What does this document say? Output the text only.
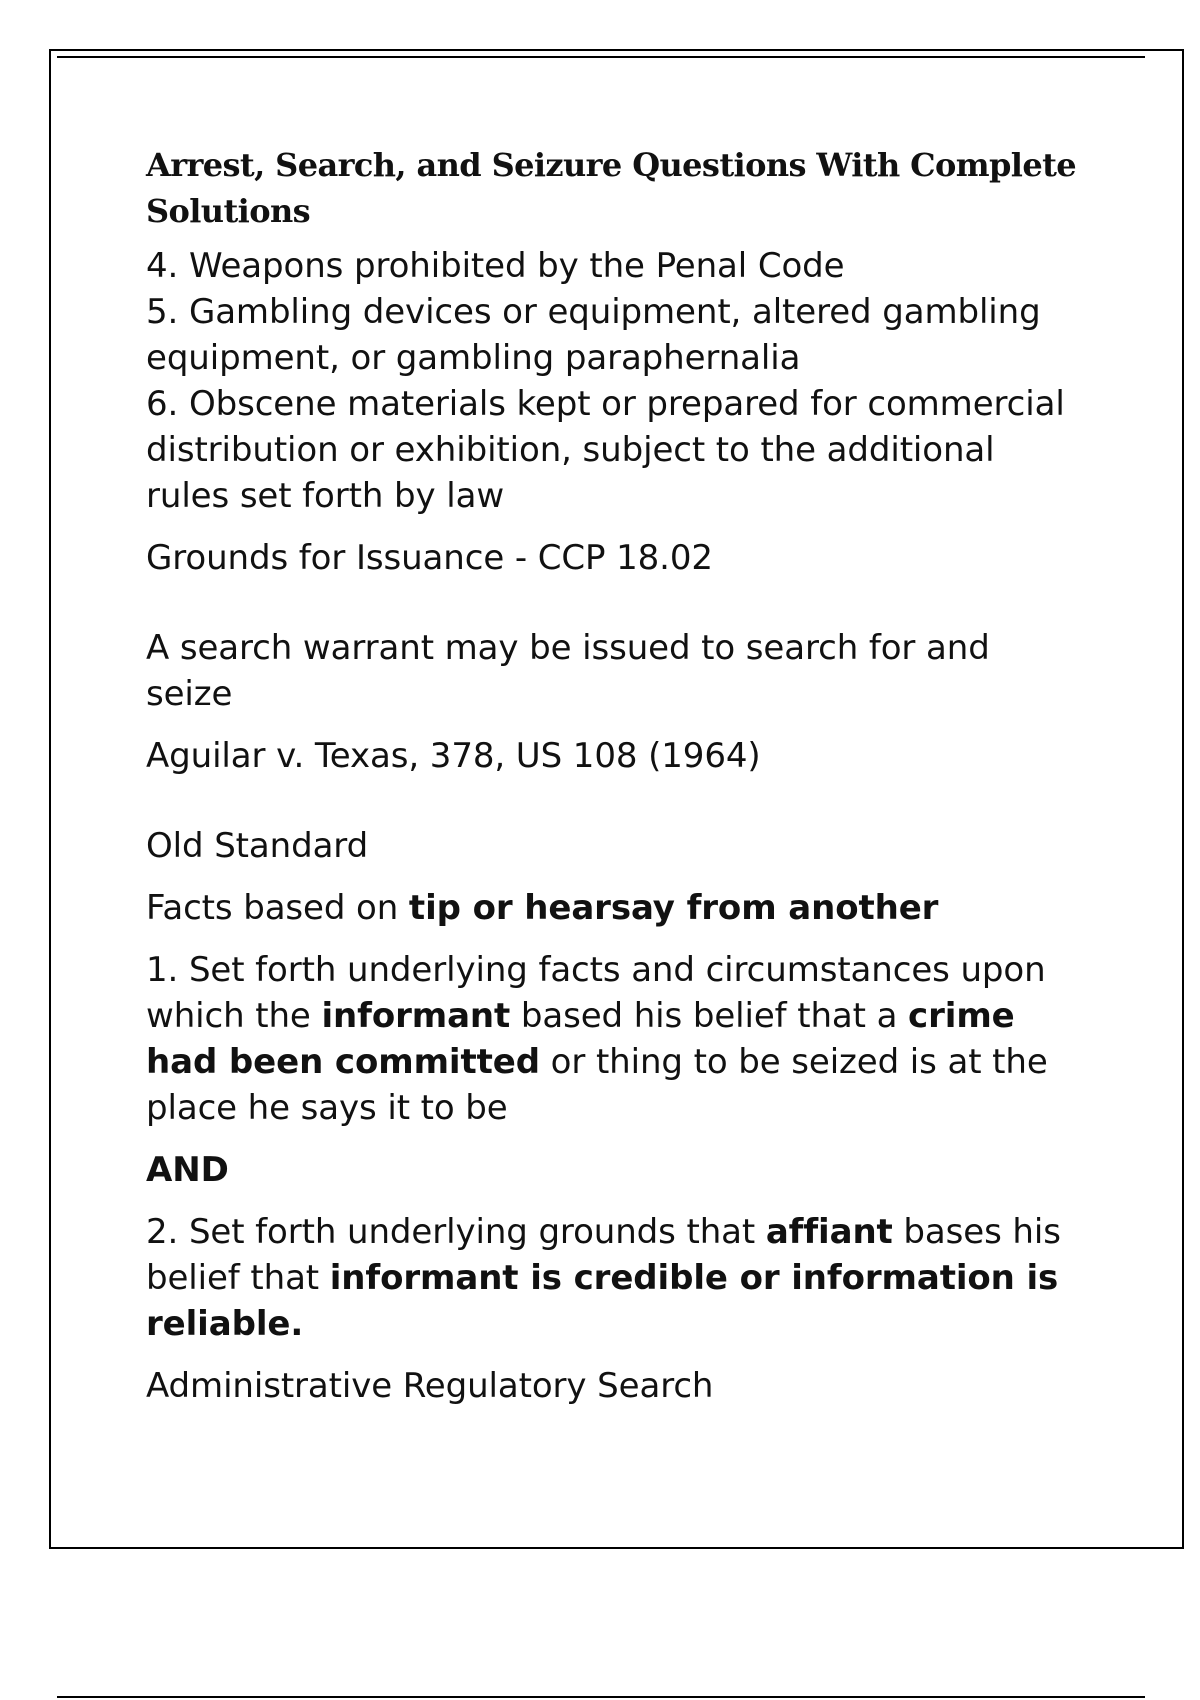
Arrest, Search, and Seizure Questions With Complete Solutions
4. Weapons prohibited by the Penal Code
5. Gambling devices or equipment, altered gambling equipment, or gambling paraphernalia
6. Obscene materials kept or prepared for commercial distribution or exhibition, subject to the additional rules set forth by law
Grounds for Issuance - CCP 18.02
A search warrant may be issued to search for and seize
Aguilar v. Texas, 378, US 108 (1964)
Old Standard
Facts based on tip or hearsay from another
1. Set forth underlying facts and circumstances upon which the informant based his belief that a crime had been committed or thing to be seized is at the place he says it to be
AND
2. Set forth underlying grounds that affiant bases his belief that informant is credible or information is reliable.
Administrative Regulatory Search
